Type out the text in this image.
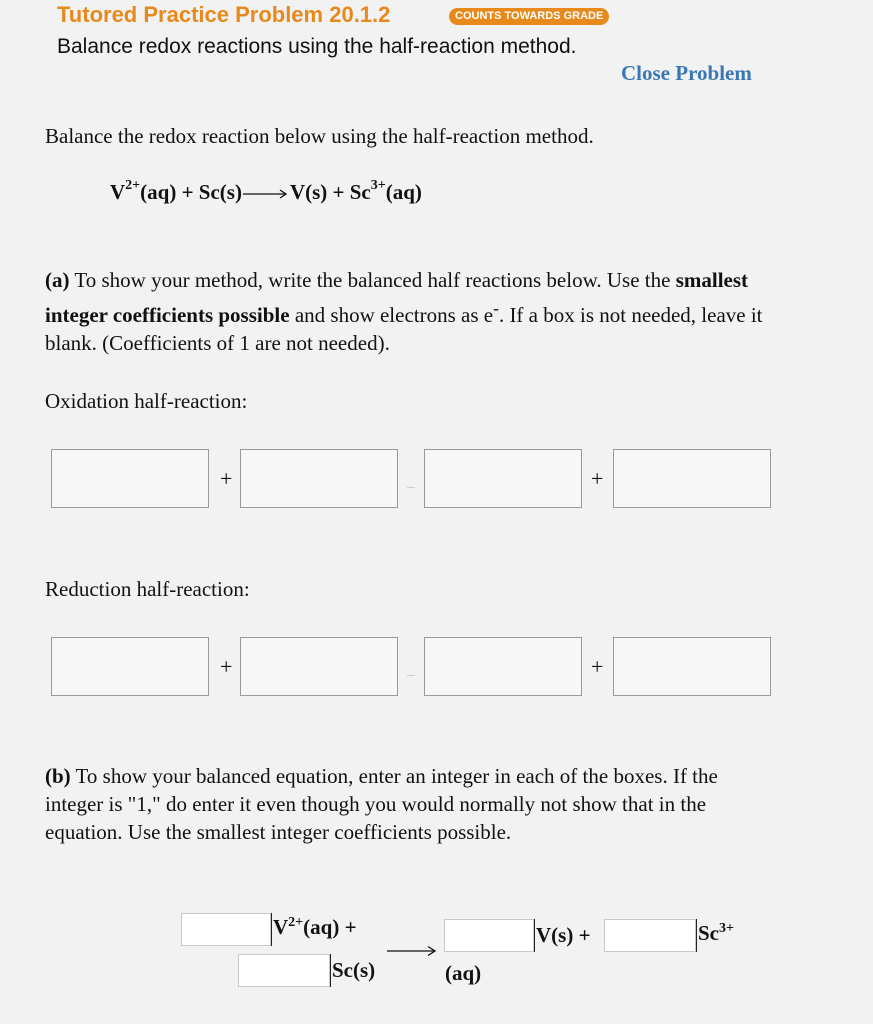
Tutored Practice Problem 20.1.2	COUNTS TOWARDS GRADE
Balance redox reactions using the half-reaction method.
Close Problem
Balance the redox reaction below using the half-reaction method.
$V^{2+}(aq) + Sc(s)\to V(s) + Sc^{3+}(aq)$
(a) To show your method, write the balanced half reactions below. Use the smallest integer coefficients possible and show electrons as e-. If a box is not needed, leave it blank. (Coefficients of 1 are not needed).
Oxidation half-reaction:
+	+
Reduction half-reaction:
+	+
(b) To show your balanced equation, enter an integer in each of the boxes. If the integer is "1," do enter it even though you would normally not show that in the equation. Use the smallest integer coefficients possible.
$V^{2+}(aq)$ +
Sc(s)
V(s) +
(aq)
$Sc^{3+}$
